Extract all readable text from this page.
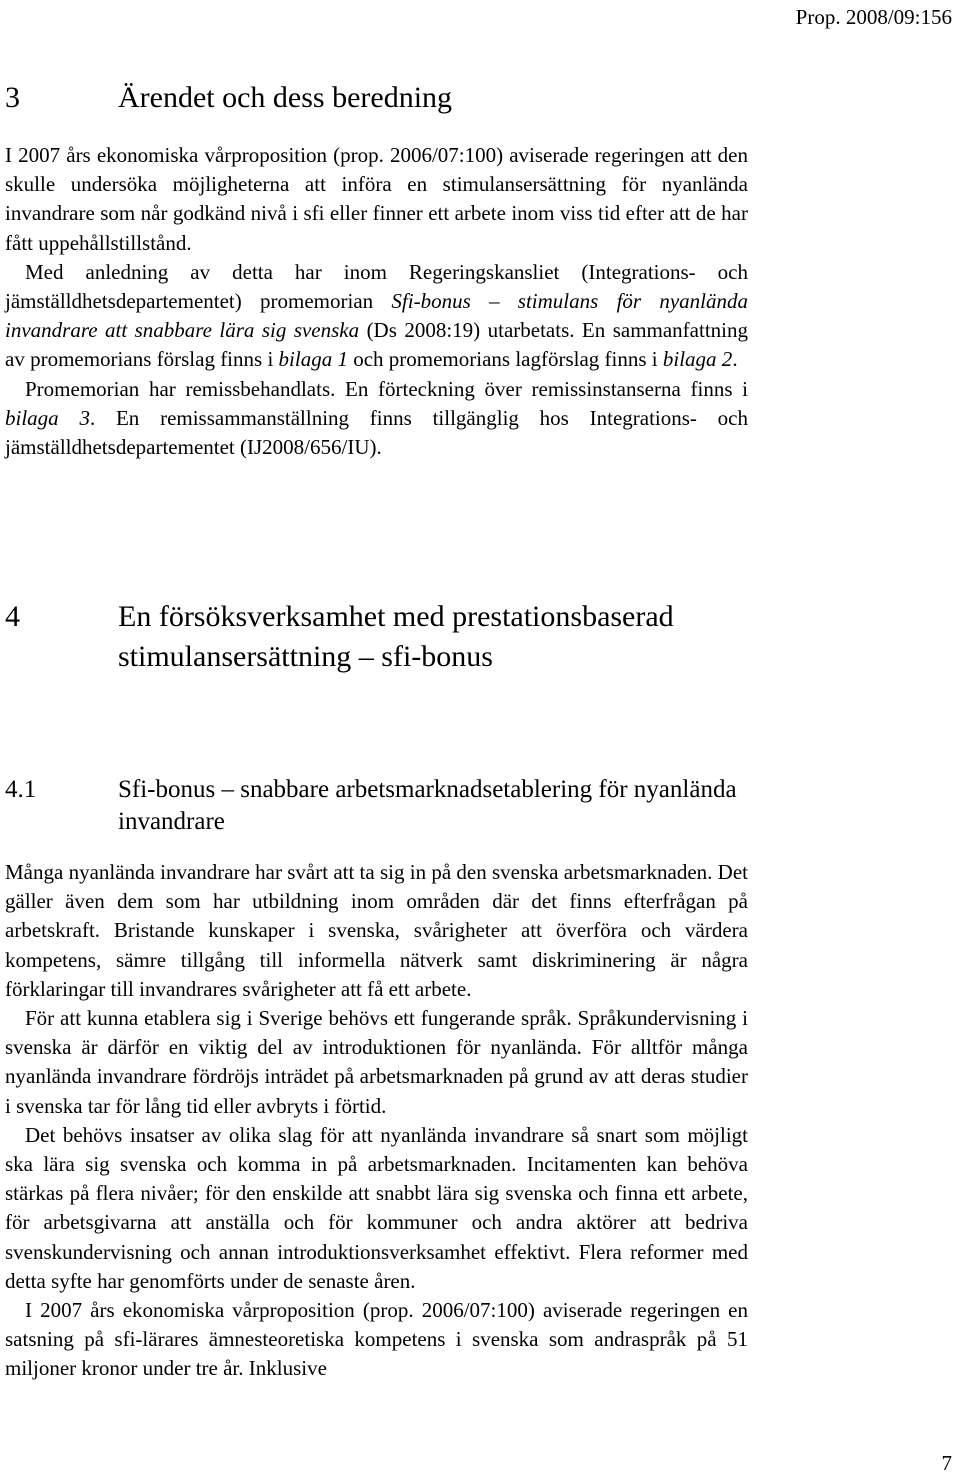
Prop. 2008/09:156
3	Ärendet och dess beredning

I 2007 års ekonomiska vårproposition (prop. 2006/07:100) aviserade regeringen att den skulle undersöka möjligheterna att införa en stimulansersättning för nyanlända invandrare som når godkänd nivå i sfi eller finner ett arbete inom viss tid efter att de har fått uppehållstillstånd.

Med anledning av detta har inom Regeringskansliet (Integrations- och jämställdhetsdepartementet) promemorian Sfi-bonus – stimulans för nyanlända invandrare att snabbare lära sig svenska (Ds 2008:19) utarbetats. En sammanfattning av promemorians förslag finns i bilaga 1 och promemorians lagförslag finns i bilaga 2.

Promemorian har remissbehandlats. En förteckning över remissinstanserna finns i bilaga 3. En remissammanställning finns tillgänglig hos Integrations- och jämställdhetsdepartementet (IJ2008/656/IU).

4	En försöksverksamhet med prestationsbaserad stimulansersättning – sfi-bonus
4.1	Sfi-bonus – snabbare arbetsmarknadsetablering för nyanlända invandrare

Många nyanlända invandrare har svårt att ta sig in på den svenska arbetsmarknaden. Det gäller även dem som har utbildning inom områden där det finns efterfrågan på arbetskraft. Bristande kunskaper i svenska, svårigheter att överföra och värdera kompetens, sämre tillgång till informella nätverk samt diskriminering är några förklaringar till invandrares svårigheter att få ett arbete.

För att kunna etablera sig i Sverige behövs ett fungerande språk. Språkundervisning i svenska är därför en viktig del av introduktionen för nyanlända. För alltför många nyanlända invandrare fördröjs inträdet på arbetsmarknaden på grund av att deras studier i svenska tar för lång tid eller avbryts i förtid.

Det behövs insatser av olika slag för att nyanlända invandrare så snart som möjligt ska lära sig svenska och komma in på arbetsmarknaden. Incitamenten kan behöva stärkas på flera nivåer; för den enskilde att snabbt lära sig svenska och finna ett arbete, för arbetsgivarna att anställa och för kommuner och andra aktörer att bedriva svenskundervisning och annan introduktionsverksamhet effektivt. Flera reformer med detta syfte har genomförts under de senaste åren.

I 2007 års ekonomiska vårproposition (prop. 2006/07:100) aviserade regeringen en satsning på sfi-lärares ämnesteoretiska kompetens i svenska som andraspråk på 51 miljoner kronor under tre år. Inklusive

7
